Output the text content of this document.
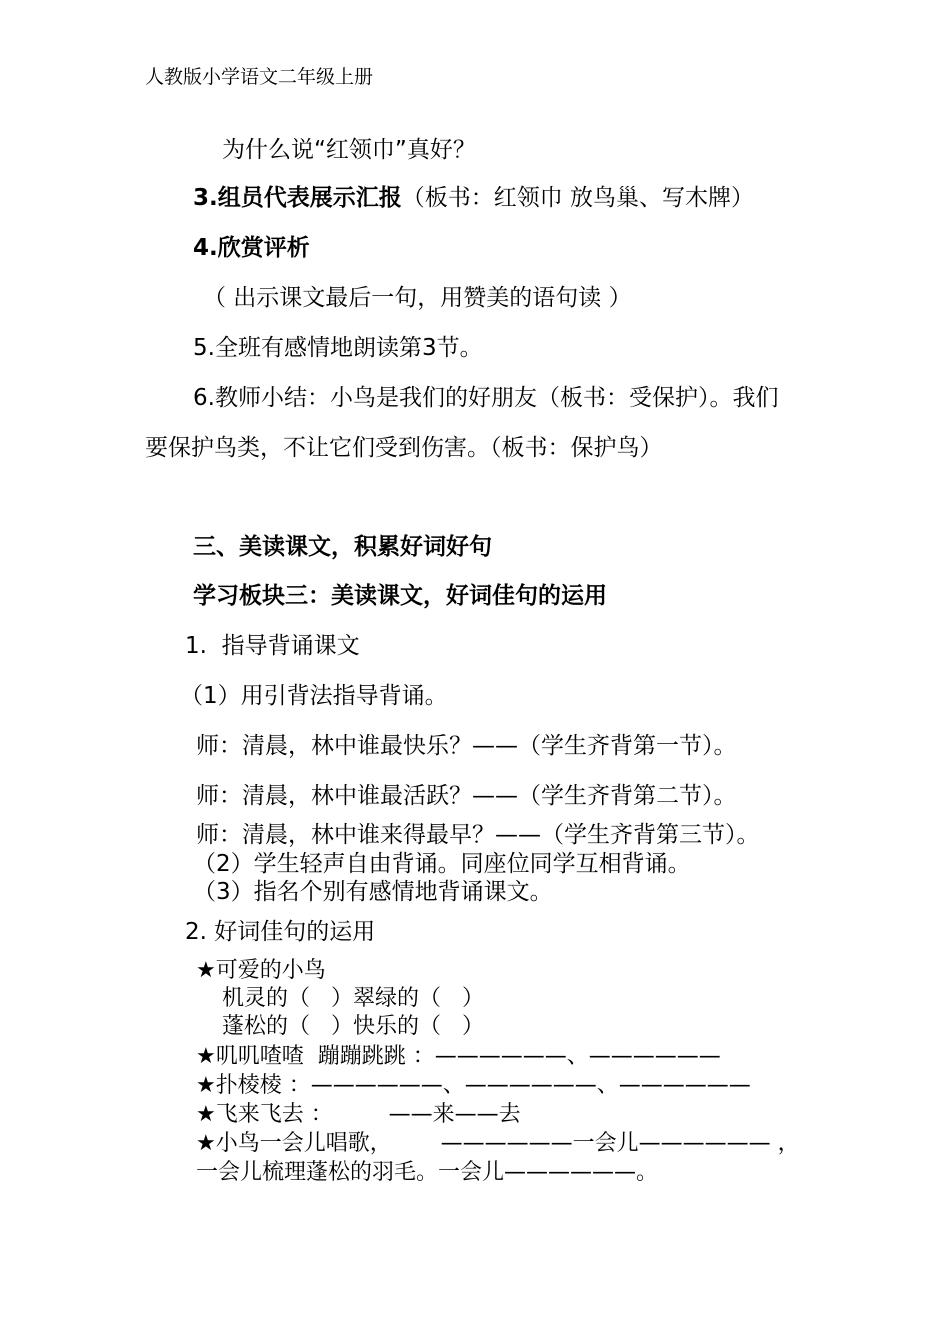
人教版小学语文二年级上册
为什么说“红领巾”真好？
3.组员代表展示汇报（板书：红领巾 放鸟巢、写木牌）
4.欣赏评析
（ 出示课文最后一句，用赞美的语句读 ）
5.全班有感情地朗读第3节。
6.教师小结：小鸟是我们的好朋友（板书：受保护）。我们
要保护鸟类，不让它们受到伤害。（板书：保护鸟）
三、美读课文，积累好词好句
学习板块三：美读课文，好词佳句的运用
1.  指导背诵课文
（1）用引背法指导背诵。
师：清晨，林中谁最快乐？——（学生齐背第一节）。
师：清晨，林中谁最活跃？——（学生齐背第二节）。
师：清晨，林中谁来得最早？——（学生齐背第三节）。
（2）学生轻声自由背诵。同座位同学互相背诵。
（3）指名个别有感情地背诵课文。
2. 好词佳句的运用
★可爱的小鸟
机灵的（   ）翠绿的（   ）
蓬松的（   ）快乐的（   ）
★叽叽喳喳  蹦蹦跳跳 ：——————、——————
★扑棱棱 ：——————、——————、——————
★飞来飞去 ：        ——来——去
★小鸟一会儿唱歌，       ——————一会儿—————— ，
一会儿梳理蓬松的羽毛。一会儿——————。
